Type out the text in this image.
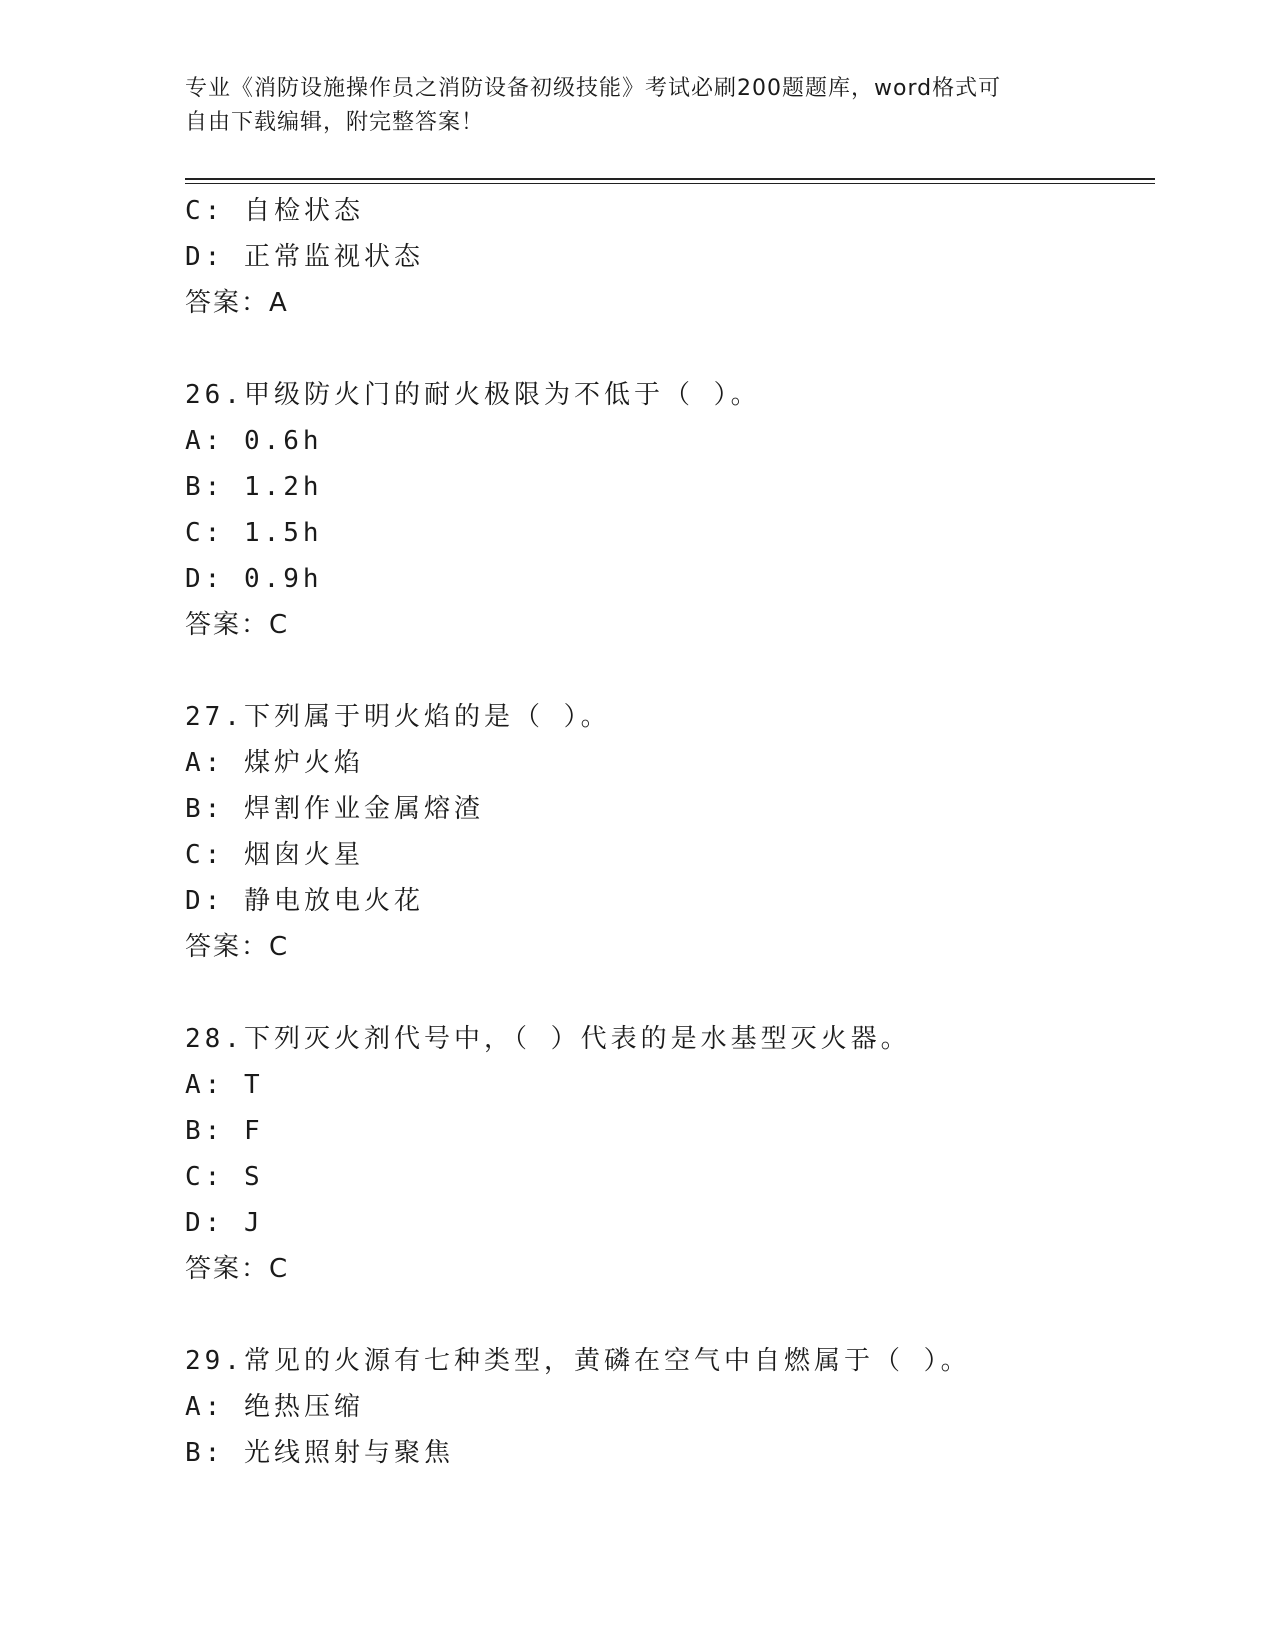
专业《消防设施操作员之消防设备初级技能》考试必刷200题题库，word格式可
自由下载编辑，附完整答案！
C: 自检状态
D: 正常监视状态
答案：A
26.甲级防火门的耐火极限为不低于（ ）。
A: 0.6h
B: 1.2h
C: 1.5h
D: 0.9h
答案：C
27.下列属于明火焰的是（ ）。
A: 煤炉火焰
B: 焊割作业金属熔渣
C: 烟囱火星
D: 静电放电火花
答案：C
28.下列灭火剂代号中，（ ）代表的是水基型灭火器。
A: T
B: F
C: S
D: J
答案：C
29.常见的火源有七种类型，黄磷在空气中自燃属于（ ）。
A: 绝热压缩
B: 光线照射与聚焦
